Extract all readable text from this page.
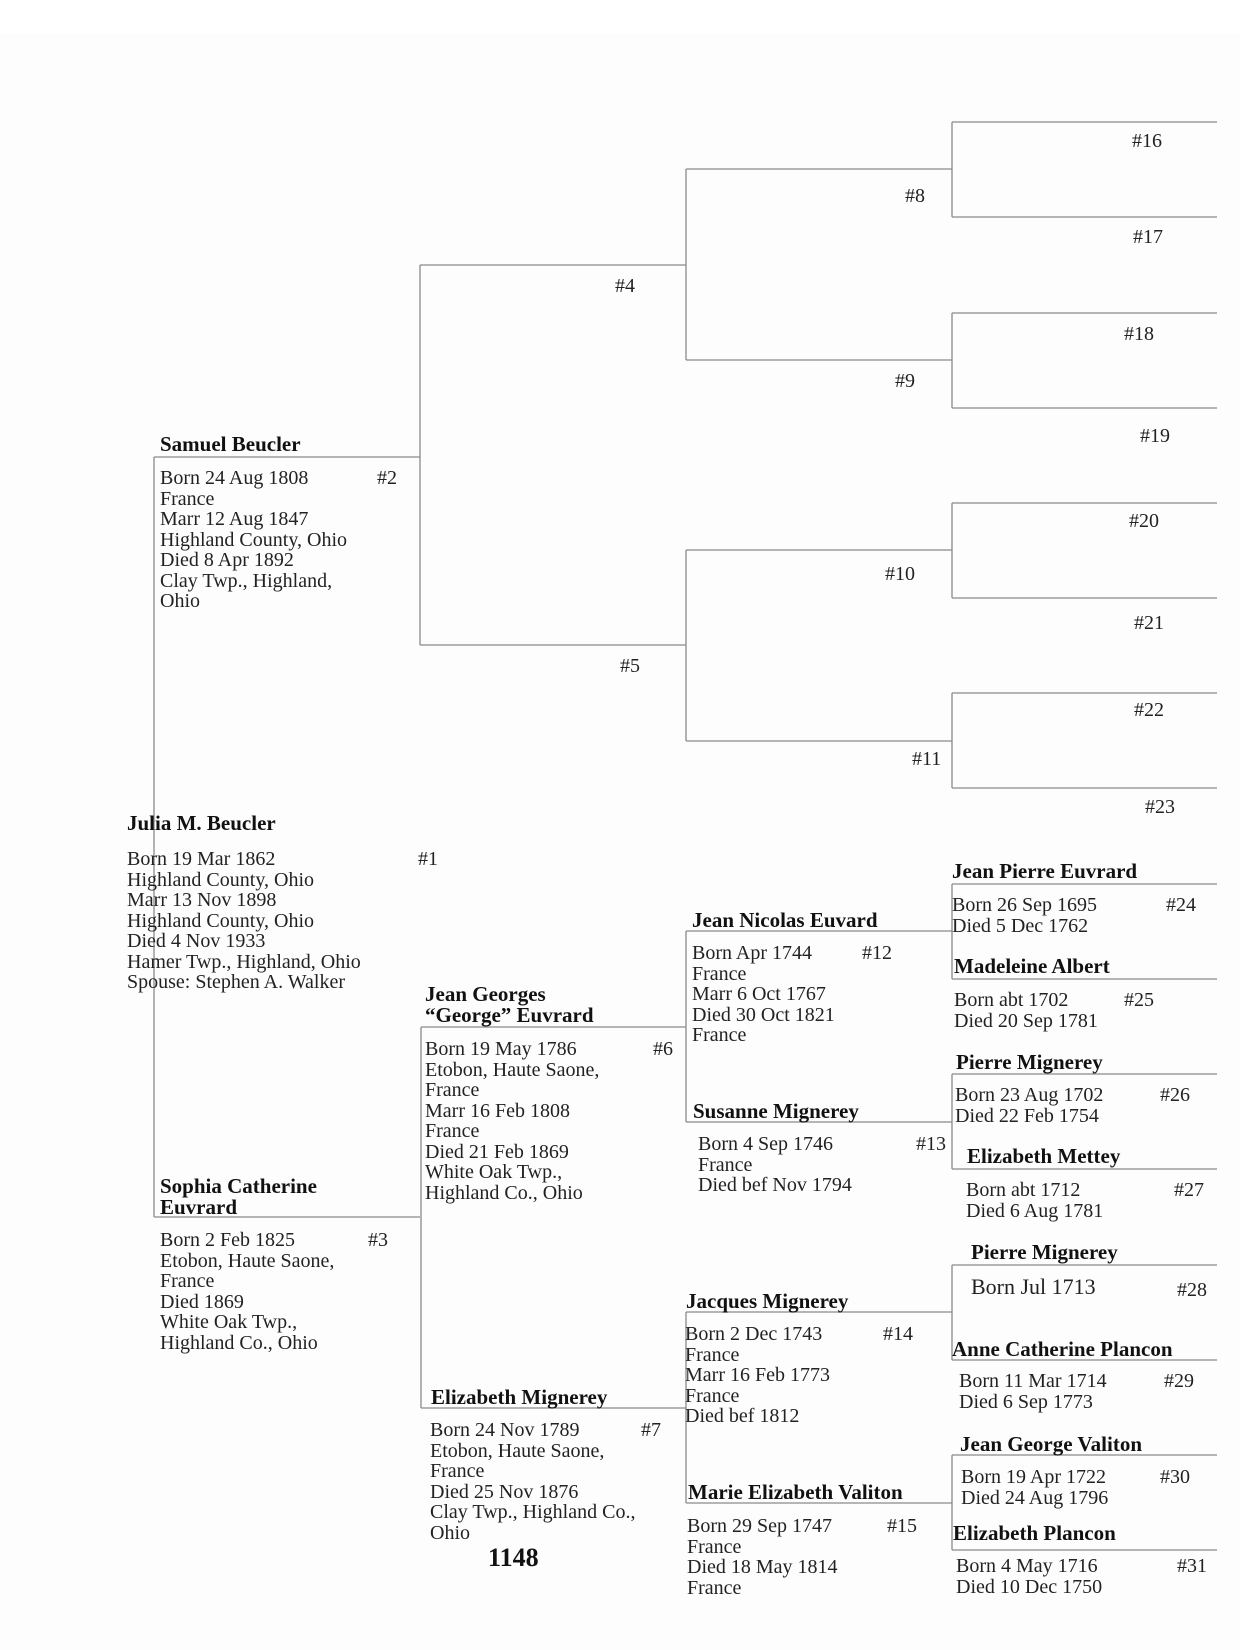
Julia M. Beucler
Born 19 Mar 1862
Highland County, Ohio
Marr 13 Nov 1898
Highland County, Ohio
Died 4 Nov 1933
Hamer Twp., Highland, Ohio
Spouse: Stephen A. Walker
#1
Samuel Beucler
Born 24 Aug 1808
France
Marr 12 Aug 1847
Highland County, Ohio
Died 8 Apr 1892
Clay Twp., Highland,
Ohio
#2
Sophia Catherine
Euvrard
Born 2 Feb 1825
Etobon, Haute Saone,
France
Died 1869
White Oak Twp.,
Highland Co., Ohio
#3
#4
#5
Jean Georges
“George” Euvrard
Born 19 May 1786
Etobon, Haute Saone,
France
Marr 16 Feb 1808
France
Died 21 Feb 1869
White Oak Twp.,
Highland Co., Ohio
#6
Elizabeth Mignerey
Born 24 Nov 1789
Etobon, Haute Saone,
France
Died 25 Nov 1876
Clay Twp., Highland Co.,
Ohio
#7
#8
#9
#10
#11
Jean Nicolas Euvard
Born Apr 1744
France
Marr 6 Oct 1767
Died 30 Oct 1821
France
#12
Susanne Mignerey
Born 4 Sep 1746
France
Died bef Nov 1794
#13
Jacques Mignerey
Born 2 Dec 1743
France
Marr 16 Feb 1773
France
Died bef 1812
#14
Marie Elizabeth Valiton
Born 29 Sep 1747
France
Died 18 May 1814
France
#15
#16
#17
#18
#19
#20
#21
#22
#23
Jean Pierre Euvrard
Born 26 Sep 1695
Died 5 Dec 1762
#24
Madeleine Albert
Born abt 1702
Died 20 Sep 1781
#25
Pierre Mignerey
Born 23 Aug 1702
Died 22 Feb 1754
#26
Elizabeth Mettey
Born abt 1712
Died 6 Aug 1781
#27
Pierre Mignerey
Born Jul 1713	#28
Anne Catherine Plancon
Born 11 Mar 1714
Died 6 Sep 1773
#29
Jean George Valiton
Born 19 Apr 1722
Died 24 Aug 1796
#30
Elizabeth Plancon
Born 4 May 1716
Died 10 Dec 1750
#31
1148
